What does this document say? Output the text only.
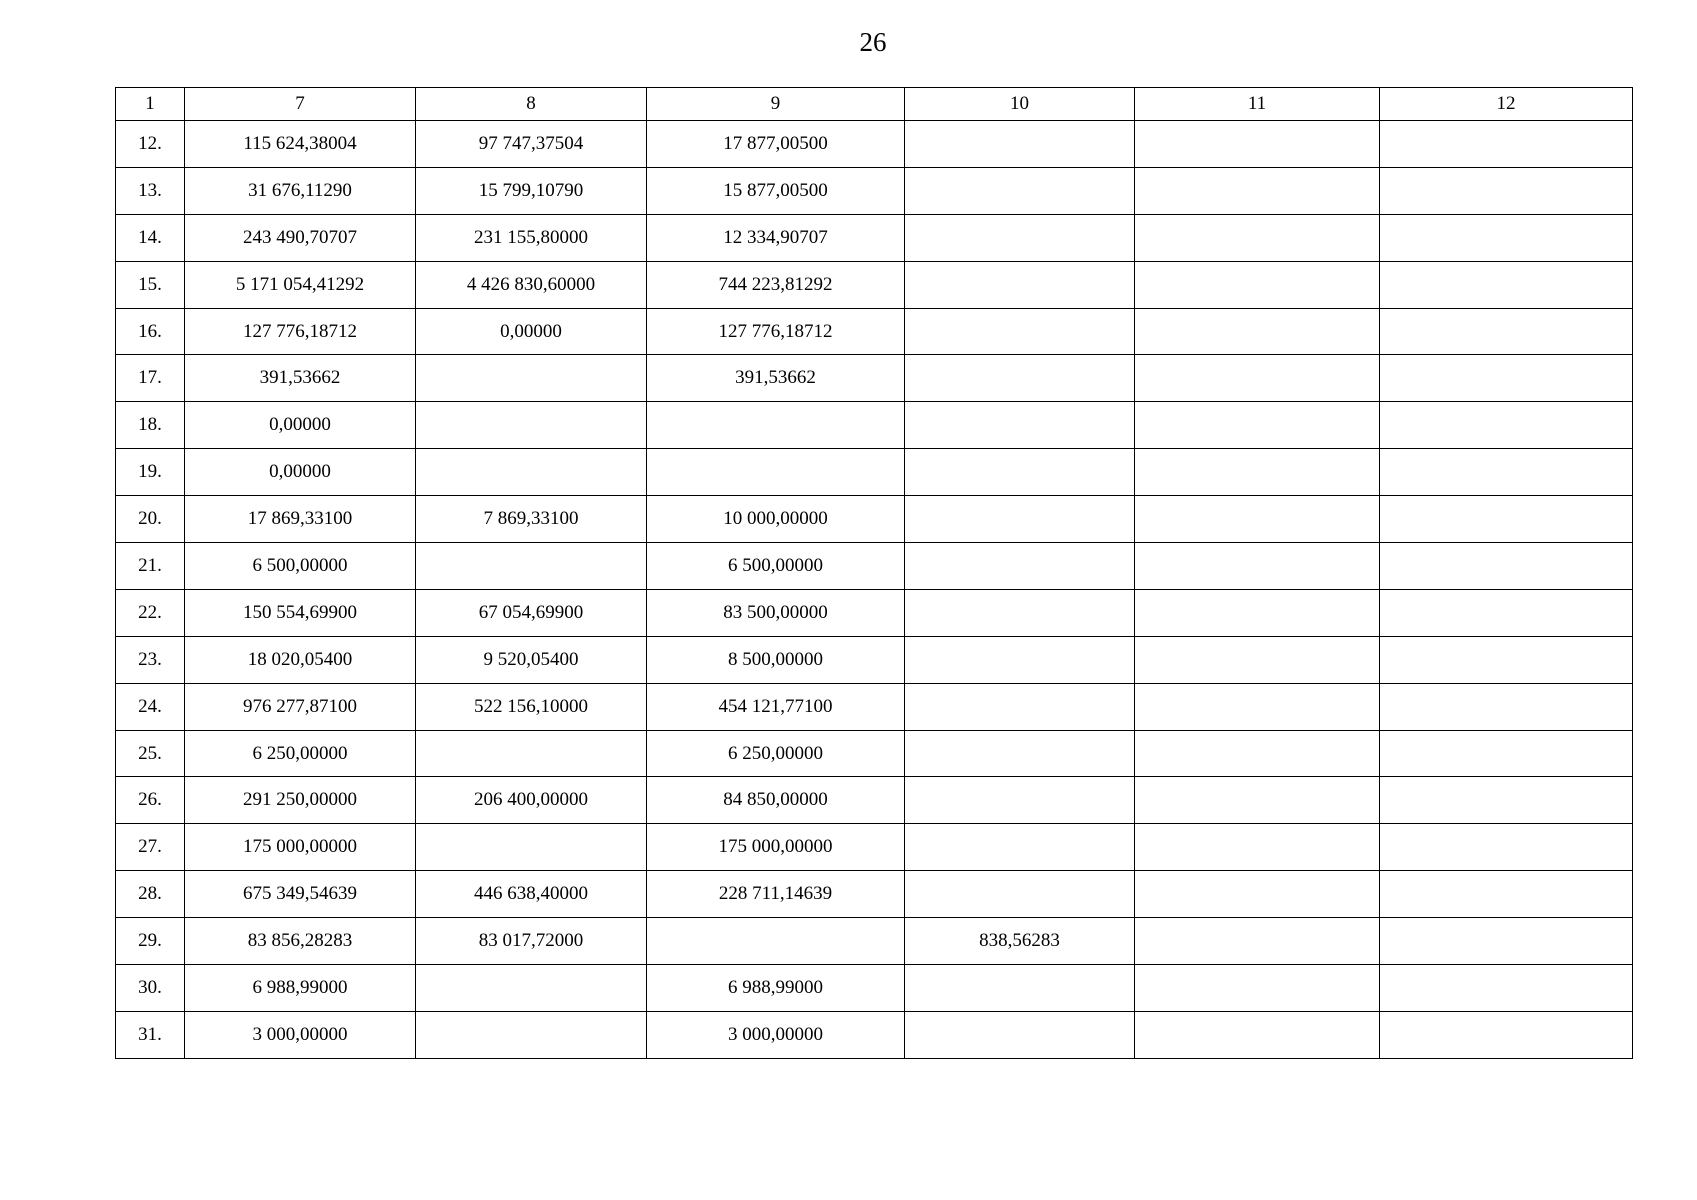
26
1	7	8	9	10	11	12
12.	115 624,38004	97 747,37504	17 877,00500			
13.	31 676,11290	15 799,10790	15 877,00500			
14.	243 490,70707	231 155,80000	12 334,90707			
15.	5 171 054,41292	4 426 830,60000	744 223,81292			
16.	127 776,18712	0,00000	127 776,18712			
17.	391,53662		391,53662			
18.	0,00000					
19.	0,00000					
20.	17 869,33100	7 869,33100	10 000,00000			
21.	6 500,00000		6 500,00000			
22.	150 554,69900	67 054,69900	83 500,00000			
23.	18 020,05400	9 520,05400	8 500,00000			
24.	976 277,87100	522 156,10000	454 121,77100			
25.	6 250,00000		6 250,00000			
26.	291 250,00000	206 400,00000	84 850,00000			
27.	175 000,00000		175 000,00000			
28.	675 349,54639	446 638,40000	228 711,14639			
29.	83 856,28283	83 017,72000		838,56283		
30.	6 988,99000		6 988,99000			
31.	3 000,00000		3 000,00000			
